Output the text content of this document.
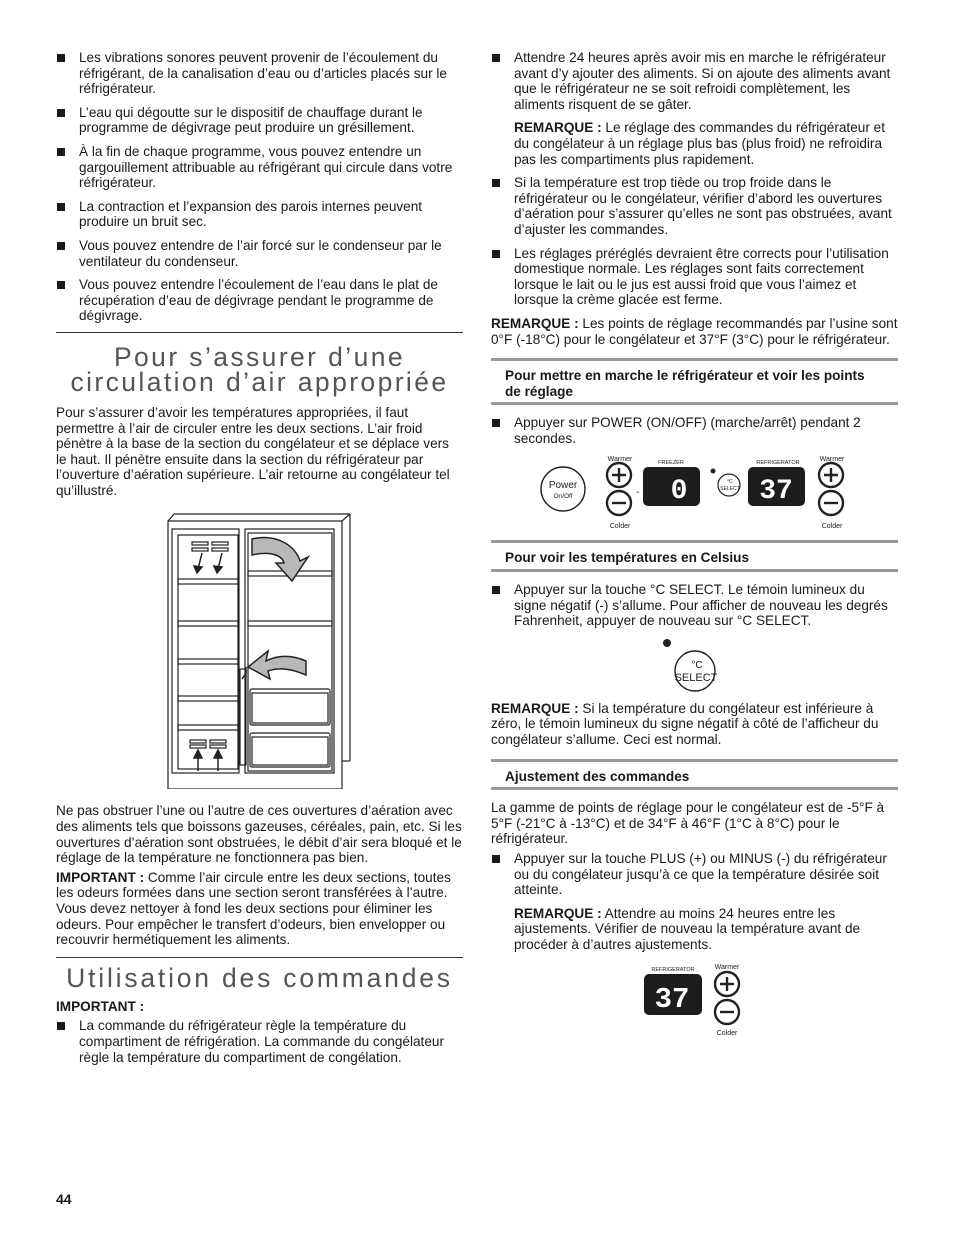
Les vibrations sonores peuvent provenir de l’écoulement du réfrigérant, de la canalisation d’eau ou d’articles placés sur le réfrigérateur.
L’eau qui dégoutte sur le dispositif de chauffage durant le programme de dégivrage peut produire un grésillement.
À la fin de chaque programme, vous pouvez entendre un gargouillement attribuable au réfrigérant qui circule dans votre réfrigérateur.
La contraction et l’expansion des parois internes peuvent produire un bruit sec.
Vous pouvez entendre de l’air forcé sur le condenseur par le ventilateur du condenseur.
Vous pouvez entendre l’écoulement de l’eau dans le plat de récupération d’eau de dégivrage pendant le programme de dégivrage.
Pour s’assurer d’une
circulation d’air appropriée

Pour s’assurer d’avoir les températures appropriées, il faut permettre à l’air de circuler entre les deux sections. L’air froid pénètre à la base de la section du congélateur et se déplace vers le haut. Il pénètre ensuite dans la section du réfrigérateur par l’ouverture d’aération supérieure. L’air retourne au congélateur tel qu’illustré.

Ne pas obstruer l’une ou l’autre de ces ouvertures d’aération avec des aliments tels que boissons gazeuses, céréales, pain, etc. Si les ouvertures d’aération sont obstruées, le débit d’air sera bloqué et le réglage de la température ne fonctionnera pas bien.

IMPORTANT : Comme l’air circule entre les deux sections, toutes les odeurs formées dans une section seront transférées à l’autre. Vous devez nettoyer à fond les deux sections pour éliminer les odeurs. Pour empêcher le transfert d’odeurs, bien envelopper ou recouvrir hermétiquement les aliments.

Utilisation des commandes

IMPORTANT :

La commande du réfrigérateur règle la température du compartiment de réfrigération. La commande du congélateur règle la température du compartiment de congélation.
Attendre 24 heures après avoir mis en marche le réfrigérateur avant d’y ajouter des aliments. Si on ajoute des aliments avant que le réfrigérateur ne se soit refroidi complètement, les aliments risquent de se gâter.

REMARQUE : Le réglage des commandes du réfrigérateur et du congélateur à un réglage plus bas (plus froid) ne refroidira pas les compartiments plus rapidement.

Si la température est trop tiède ou trop froide dans le réfrigérateur ou le congélateur, vérifier d’abord les ouvertures d’aération pour s’assurer qu’elles ne sont pas obstruées, avant d’ajuster les commandes.
Les réglages préréglés devraient être corrects pour l’utilisation domestique normale. Les réglages sont faits correctement lorsque le lait ou le jus est aussi froid que vous l’aimez et lorsque la crème glacée est ferme.

REMARQUE : Les points de réglage recommandés par l’usine sont 0°F (-18°C) pour le congélateur et 37°F (3°C) pour le réfrigérateur.

Pour mettre en marche le réfrigérateur et voir les points de réglage
Appuyer sur POWER (ON/OFF) (marche/arrêt) pendant 2 secondes.
Power
On/Off
Warmer
Colder
-
FREEZER
0	°C
SELECT
REFRIGERATOR
37
Warmer
Colder
Pour voir les températures en Celsius
Appuyer sur la touche °C SELECT. Le témoin lumineux du signe négatif (-) s’allume. Pour afficher de nouveau les degrés Fahrenheit, appuyer de nouveau sur °C SELECT.
°C
SELECT

REMARQUE : Si la température du congélateur est inférieure à zéro, le témoin lumineux du signe négatif à côté de l’afficheur du congélateur s’allume. Ceci est normal.

Ajustement des commandes

La gamme de points de réglage pour le congélateur est de -5°F à 5°F (-21°C à -13°C) et de 34°F à 46°F (1°C à 8°C) pour le réfrigérateur.

Appuyer sur la touche PLUS (+) ou MINUS (-) du réfrigérateur ou du congélateur jusqu’à ce que la température désirée soit atteinte.

REMARQUE : Attendre au moins 24 heures entre les ajustements. Vérifier de nouveau la température avant de procéder à d’autres ajustements.

REFRIGERATOR
37
Warmer
Colder
44
